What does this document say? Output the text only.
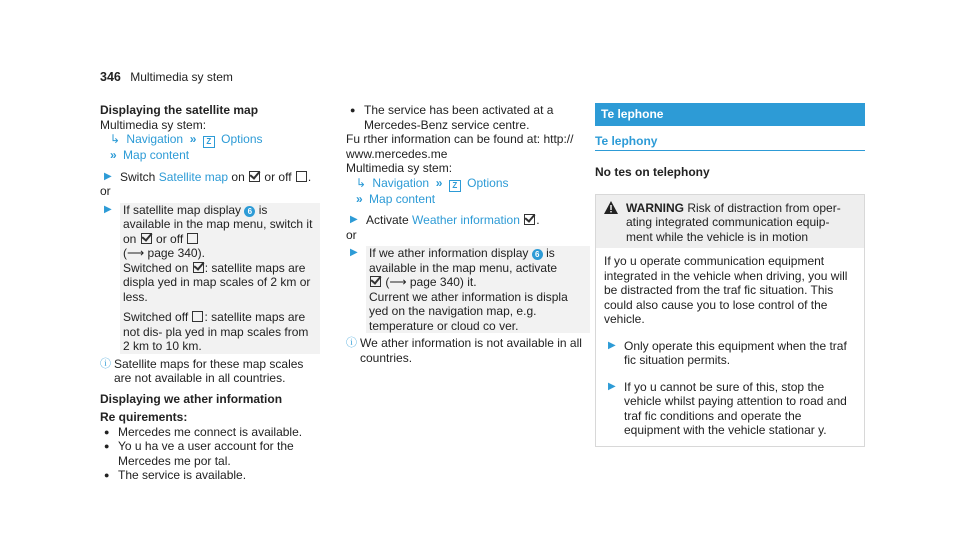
346 Multimedia sy stem
Displaying the satellite map
Multimedia sy stem:
↳ Navigation  » Z Options
» Map content
▶ Switch Satellite map on  or off .
or
▶ If satellite map display 6 is available in the map menu, switch it on  or off
(⟶ page 340).
Switched on : satellite maps are displa yed in map scales of 2 km or less.
Switched off : satellite maps are not dis- pla yed in map scales from 2 km to 10 km.
ⓘ Satellite maps for these map scales are not available in all countries.
Displaying we ather information
Re quirements:
● Mercedes me connect is available.
● Yo u ha ve a user account for the Mercedes me por tal.
● The service is available.
● The service has been activated at a Mercedes-Benz service centre.
Fu rther information can be found at: http:// www.mercedes.me
Multimedia sy stem:
↳ Navigation  » Z Options
» Map content
▶ Activate Weather information .
or
▶ If we ather information display 6 is available in the map menu, activate
(⟶ page 340) it.
Current we ather information is displa yed on the navigation map, e.g. temperature or cloud co ver.
ⓘ We ather information is not available in all countries.
Te lephone
Te lephony
No tes on telephony
WARNING Risk of distraction from oper- ating integrated communication equip- ment while the vehicle is in motion
If yo u operate communication equipment integrated in the vehicle when driving, you will be distracted from the traf fic situation. This could also cause you to lose control of the vehicle.
▶ Only operate this equipment when the traf fic situation permits.
▶ If yo u cannot be sure of this, stop the vehicle whilst paying attention to road and traf fic conditions and operate the equipment with the vehicle stationar y.
